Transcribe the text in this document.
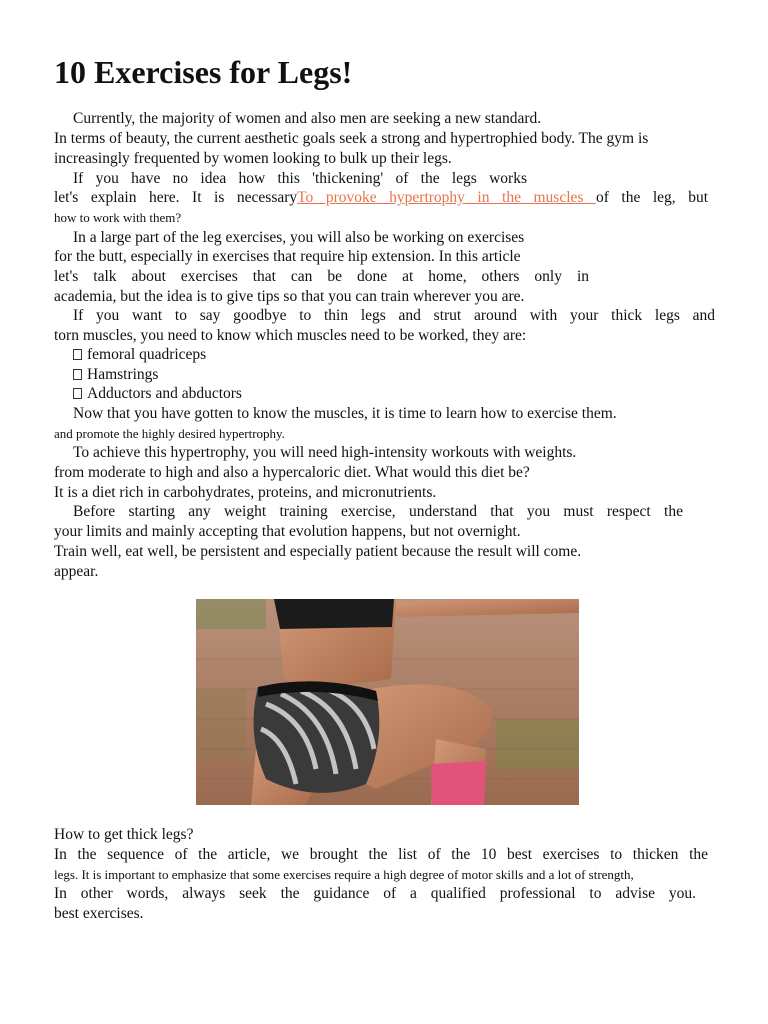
10 Exercises for Legs!
Currently, the majority of women and also men are seeking a new standard.
In terms of beauty, the current aesthetic goals seek a strong and hypertrophied body. The gym is
increasingly frequented by women looking to bulk up their legs.
If you have no idea how this 'thickening' of the legs works
let's explain here. It is necessaryTo provoke hypertrophy in the muscles of the leg, but
how to work with them?
In a large part of the leg exercises, you will also be working on exercises
for the butt, especially in exercises that require hip extension. In this article
let's talk about exercises that can be done at home, others only in
academia, but the idea is to give tips so that you can train wherever you are.
If you want to say goodbye to thin legs and strut around with your thick legs and
torn muscles, you need to know which muscles need to be worked, they are:
femoral quadriceps
Hamstrings
Adductors and abductors
Now that you have gotten to know the muscles, it is time to learn how to exercise them.
and promote the highly desired hypertrophy.
To achieve this hypertrophy, you will need high-intensity workouts with weights.
from moderate to high and also a hypercaloric diet. What would this diet be?
It is a diet rich in carbohydrates, proteins, and micronutrients.
Before starting any weight training exercise, understand that you must respect the
your limits and mainly accepting that evolution happens, but not overnight.
Train well, eat well, be persistent and especially patient because the result will come.
appear.
How to get thick legs?
In the sequence of the article, we brought the list of the 10 best exercises to thicken the
legs. It is important to emphasize that some exercises require a high degree of motor skills and a lot of strength,
In other words, always seek the guidance of a qualified professional to advise you.
best exercises.
